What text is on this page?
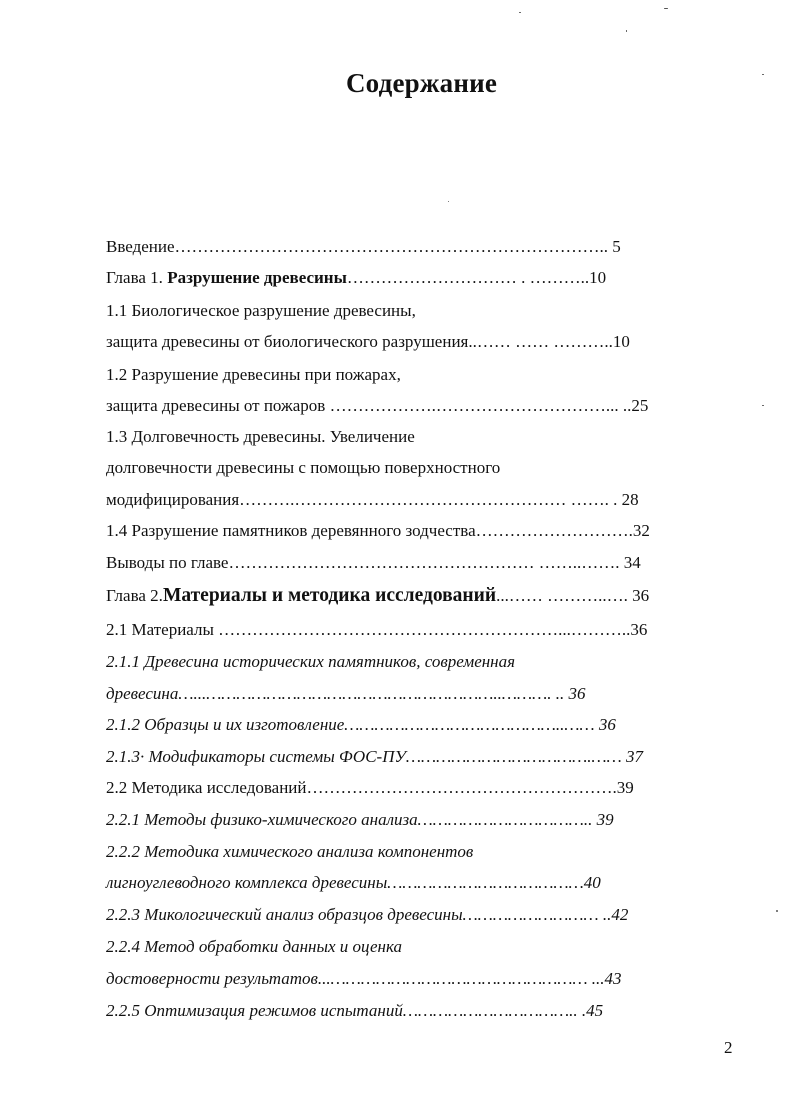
Содержание
Введение………………………………………………………………….. 5
Глава 1. Разрушение древесины………………………… . ………..10
1.1 Биологическое разрушение древесины,
защита древесины от биологического разрушения..…… …… ………..10
1.2 Разрушение древесины при пожарах,
защита древесины от пожаров ……………….…………………………... ..25
1.3 Долговечность древесины. Увеличение
долговечности древесины с помощью поверхностного
модифицирования……….………………………………………… ……. . 28
1.4 Разрушение памятников деревянного зодчества……………………….32
Выводы по главе……………………………………………… ……..……. 34
Глава 2.Материалы и методика исследований...…… ………..…. 36
2.1 Материалы ……………………………………………………...………..36
2.1.1 Древесина исторических памятников, современная
древесина…...…………………………………………………..………. .. 36
2.1.2 Образцы и их изготовление……………………………………..…… 36
2.1.3· Модификаторы системы ФОС-ПУ……………………………….…… 37
2.2 Методика исследований……………………………………………….39
2.2.1 Методы физико-химического анализа…………………………….. 39
2.2.2 Методика химического анализа компонентов
лигноуглеводного комплекса древесины…………………………………40
2.2.3 Микологический анализ образцов древесины……………………… ..42
2.2.4 Метод обработки данных и оценка
достоверности результатов...…………………………………………… ...43
2.2.5 Оптимизация режимов испытаний…………………………….. .45
2
